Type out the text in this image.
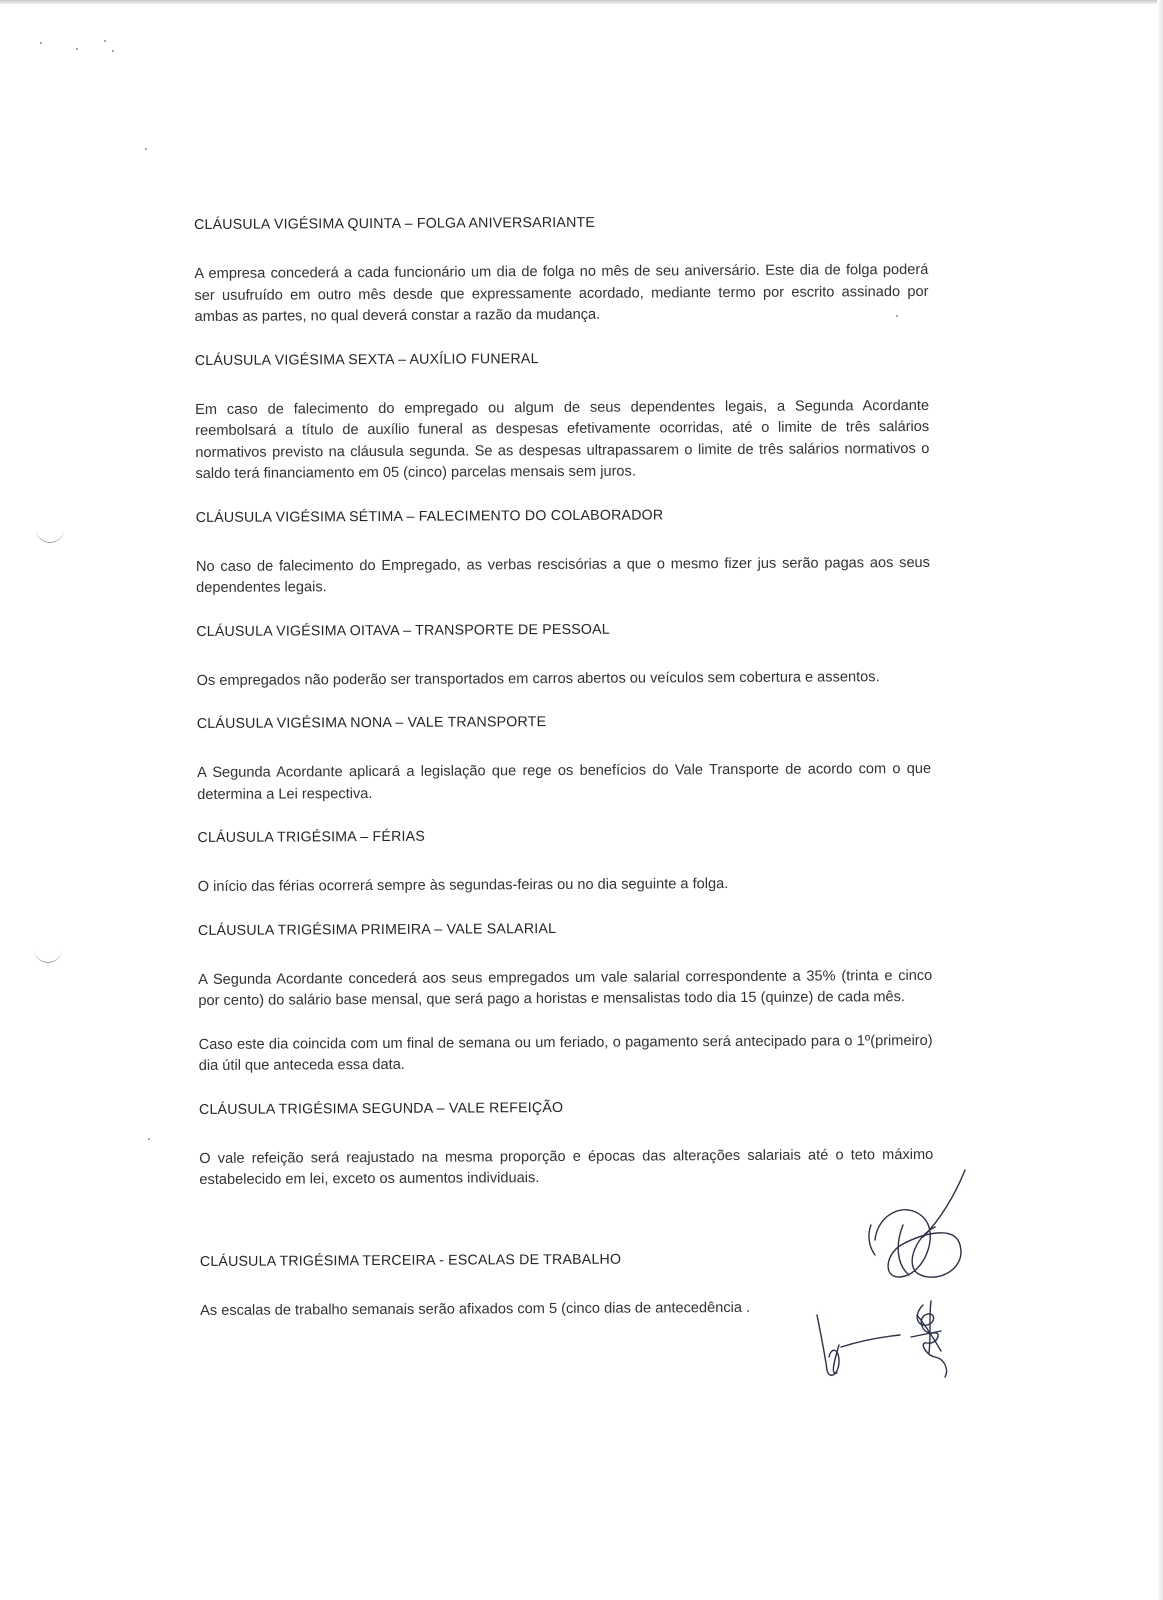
CLÁUSULA VIGÉSIMA QUINTA – FOLGA ANIVERSARIANTE

A empresa concederá a cada funcionário um dia de folga no mês de seu aniversário. Este dia de folga poderá ser usufruído em outro mês desde que expressamente acordado, mediante termo por escrito assinado por ambas as partes, no qual deverá constar a razão da mudança.

CLÁUSULA VIGÉSIMA SEXTA – AUXÍLIO FUNERAL

Em caso de falecimento do empregado ou algum de seus dependentes legais, a Segunda Acordante reembolsará a título de auxílio funeral as despesas efetivamente ocorridas, até o limite de três salários normativos previsto na cláusula segunda. Se as despesas ultrapassarem o limite de três salários normativos o saldo terá financiamento em 05 (cinco) parcelas mensais sem juros.

CLÁUSULA VIGÉSIMA SÉTIMA – FALECIMENTO DO COLABORADOR

No caso de falecimento do Empregado, as verbas rescisórias a que o mesmo fizer jus serão pagas aos seus dependentes legais.

CLÁUSULA VIGÉSIMA OITAVA – TRANSPORTE DE PESSOAL

Os empregados não poderão ser transportados em carros abertos ou veículos sem cobertura e assentos.

CLÁUSULA VIGÉSIMA NONA – VALE TRANSPORTE

A Segunda Acordante aplicará a legislação que rege os benefícios do Vale Transporte de acordo com o que determina a Lei respectiva.

CLÁUSULA TRIGÉSIMA – FÉRIAS

O início das férias ocorrerá sempre às segundas-feiras ou no dia seguinte a folga.

CLÁUSULA TRIGÉSIMA PRIMEIRA – VALE SALARIAL

A Segunda Acordante concederá aos seus empregados um vale salarial correspondente a 35% (trinta e cinco por cento) do salário base mensal, que será pago a horistas e mensalistas todo dia 15 (quinze) de cada mês.

Caso este dia coincida com um final de semana ou um feriado, o pagamento será antecipado para o 1º(primeiro) dia útil que anteceda essa data.

CLÁUSULA TRIGÉSIMA SEGUNDA – VALE REFEIÇÃO

O vale refeição será reajustado na mesma proporção e épocas das alterações salariais até o teto máximo estabelecido em lei, exceto os aumentos individuais.

CLÁUSULA TRIGÉSIMA TERCEIRA - ESCALAS DE TRABALHO

As escalas de trabalho semanais serão afixados com 5 (cinco dias de antecedência .
